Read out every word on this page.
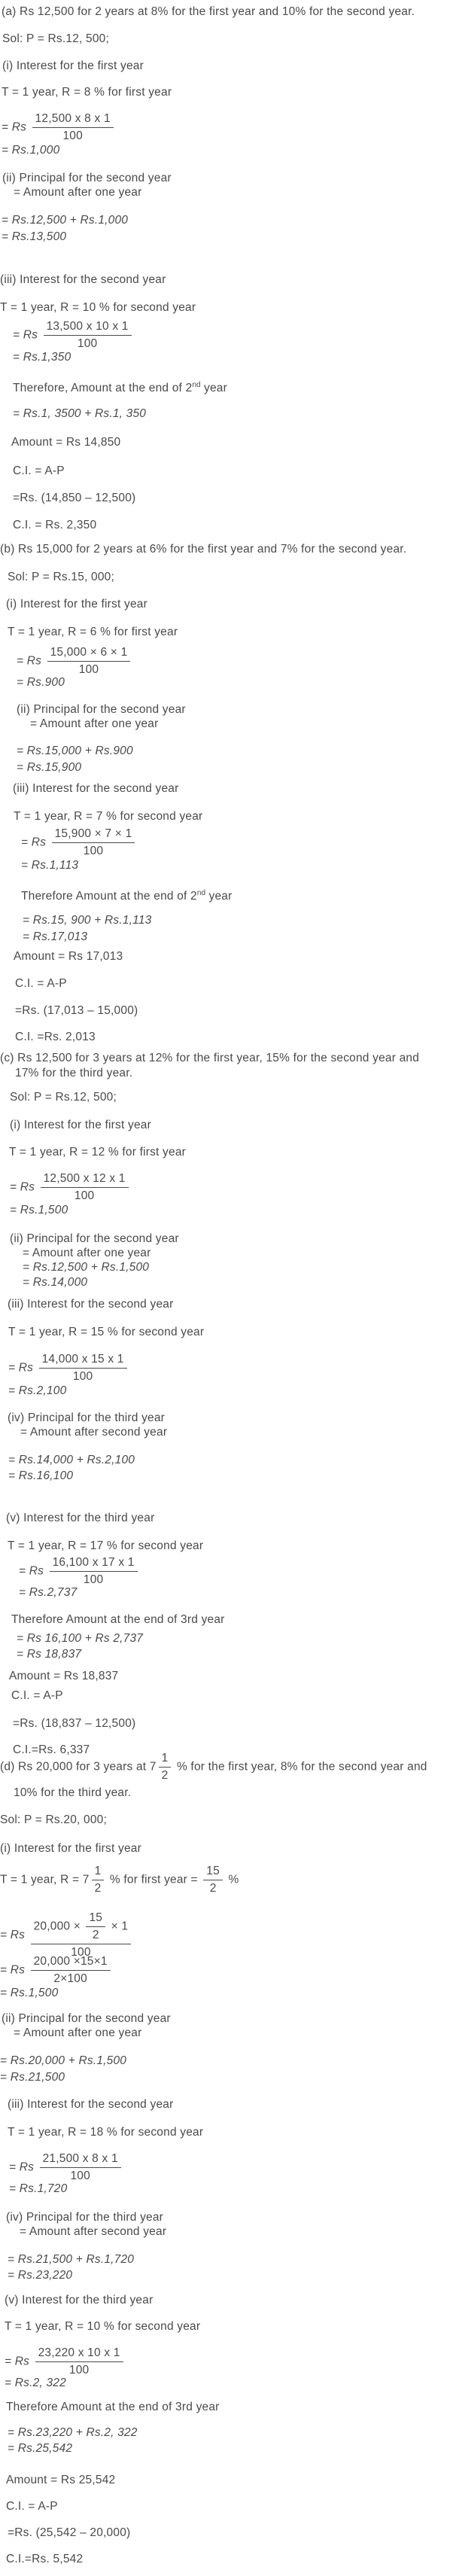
(a) Rs 12,500 for 2 years at 8% for the first year and 10% for the second year.
Sol: P = Rs.12, 500;
(i) Interest for the first year
T = 1 year, R = 8 % for first year
= Rs $\frac{12,500 x 8 x 1}{100}$
= Rs.1,000
(ii) Principal for the second year
= Amount after one year
= Rs.12,500 + Rs.1,000
= Rs.13,500
(iii) Interest for the second year
T = 1 year, R = 10 % for second year
= Rs $\frac{13,500 x 10 x 1}{100}$
= Rs.1,350
Therefore, Amount at the end of 2nd year
= Rs.1, 3500 + Rs.1, 350
Amount = Rs 14,850
C.I. = A-P
=Rs. (14,850 – 12,500)
C.I. = Rs. 2,350
(b) Rs 15,000 for 2 years at 6% for the first year and 7% for the second year.
Sol: P = Rs.15, 000;
(i) Interest for the first year
T = 1 year, R = 6 % for first year
= Rs $\frac{15,000 \times 6 \times 1}{100}$
= Rs.900
(ii) Principal for the second year
= Amount after one year
= Rs.15,000 + Rs.900
= Rs.15,900
(iii) Interest for the second year
T = 1 year, R = 7 % for second year
= Rs $\frac{15,900 \times 7 \times 1}{100}$
= Rs.1,113
Therefore Amount at the end of 2nd year
= Rs.15, 900 + Rs.1,113
= Rs.17,013
Amount = Rs 17,013
C.I. = A-P
=Rs. (17,013 – 15,000)
C.I. =Rs. 2,013
(c) Rs 12,500 for 3 years at 12% for the first year, 15% for the second year and
17% for the third year.
Sol: P = Rs.12, 500;
(i) Interest for the first year
T = 1 year, R = 12 % for first year
= Rs $\frac{12,500 x 12 x 1}{100}$
= Rs.1,500
(ii) Principal for the second year
= Amount after one year
= Rs.12,500 + Rs.1,500
= Rs.14,000
(iii) Interest for the second year
T = 1 year, R = 15 % for second year
= Rs $\frac{14,000 x 15 x 1}{100}$
= Rs.2,100
(iv) Principal for the third year
= Amount after second year
= Rs.14,000 + Rs.2,100
= Rs.16,100
(v) Interest for the third year
T = 1 year, R = 17 % for second year
= Rs $\frac{16,100 x 17 x 1}{100}$
= Rs.2,737
Therefore Amount at the end of 3rd year
= Rs 16,100 + Rs 2,737
= Rs 18,837
Amount = Rs 18,837
C.I. = A-P
=Rs. (18,837 – 12,500)
C.I.=Rs. 6,337
(d) Rs 20,000 for 3 years at $7 \frac{1}{2}$ % for the first year, 8% for the second year and
10% for the third year.
Sol: P = Rs.20, 000;
(i) Interest for the first year
T = 1 year, $R = 7 \frac{1}{2}$ % for first year = $\frac{15}{2}$ %
= Rs $\frac{20,000 \times \frac{15}{2} \times 1}{100}$
= Rs $\frac{20,000 \times 15\times 1}{2\times 100}$
= Rs.1,500
(ii) Principal for the second year
= Amount after one year
= Rs.20,000 + Rs.1,500
= Rs.21,500
(iii) Interest for the second year
T = 1 year, R = 18 % for second year
= Rs $\frac{21,500 x 8 x 1}{100}$
= Rs.1,720
(iv) Principal for the third year
= Amount after second year
= Rs.21,500 + Rs.1,720
= Rs.23,220
(v) Interest for the third year
T = 1 year, R = 10 % for second year
= Rs $\frac{23,220 x 10 x 1}{100}$
= Rs.2, 322
Therefore Amount at the end of 3rd year
= Rs.23,220 + Rs.2, 322
= Rs.25,542
Amount = Rs 25,542
C.I. = A-P
=Rs. (25,542 – 20,000)
C.I.=Rs. 5,542
